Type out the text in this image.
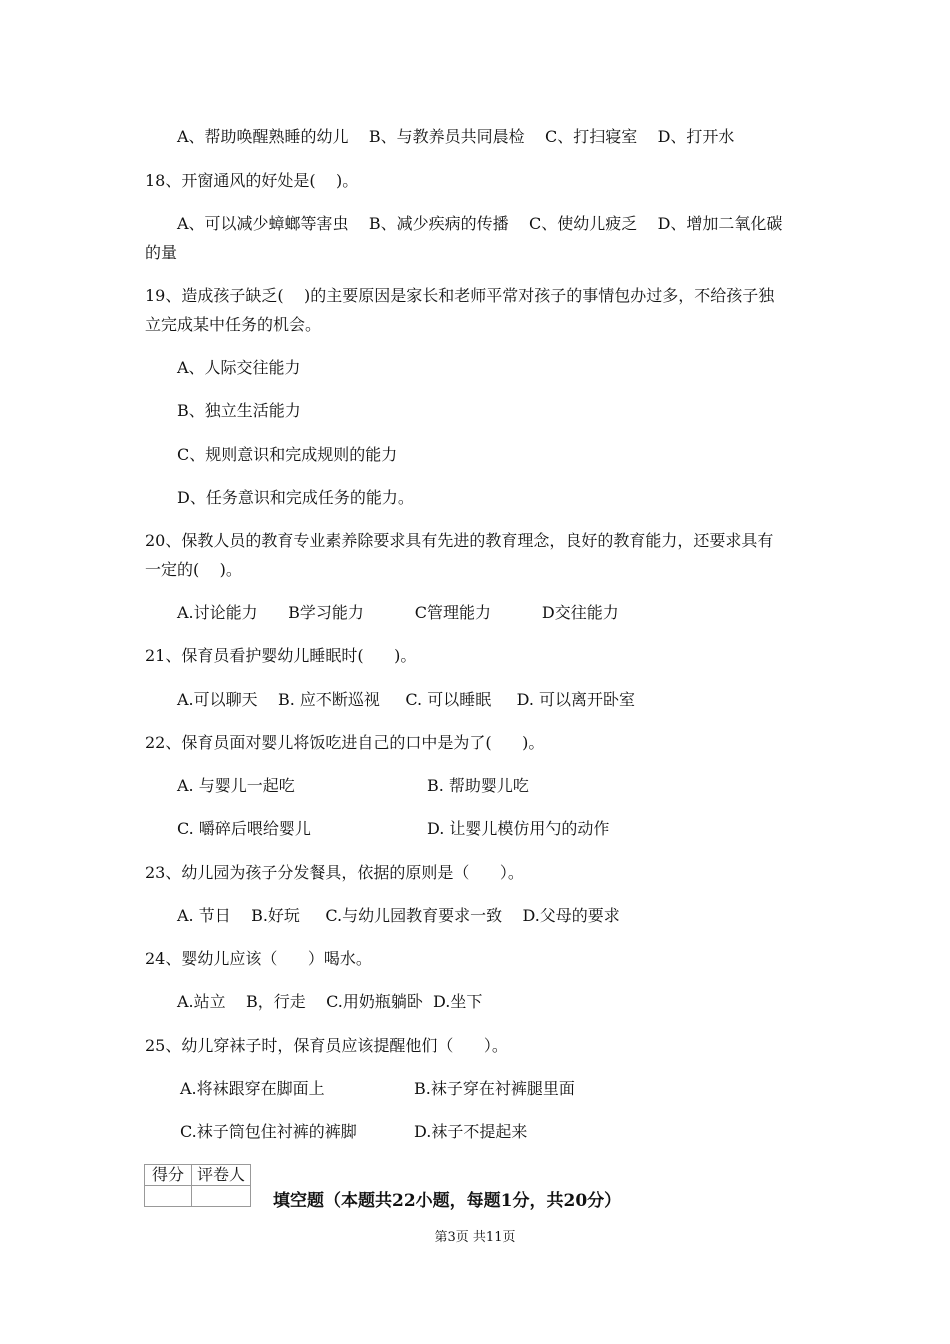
A、帮助唤醒熟睡的幼儿    B、与教养员共同晨检    C、打扫寝室    D、打开水
18、开窗通风的好处是(    )。
A、可以减少蟑螂等害虫    B、减少疾病的传播    C、使幼儿疲乏    D、增加二氧化碳
的量
19、造成孩子缺乏(    )的主要原因是家长和老师平常对孩子的事情包办过多，不给孩子独
立完成某中任务的机会。
A、人际交往能力
B、独立生活能力
C、规则意识和完成规则的能力
D、任务意识和完成任务的能力。
20、保教人员的教育专业素养除要求具有先进的教育理念，良好的教育能力，还要求具有
一定的(    )。
A.讨论能力      B学习能力          C管理能力          D交往能力
21、保育员看护婴幼儿睡眠时(      )。
A.可以聊天    B. 应不断巡视     C. 可以睡眠     D. 可以离开卧室
22、保育员面对婴儿将饭吃进自己的口中是为了(      )。
A. 与婴儿一起吃	B. 帮助婴儿吃
C. 嚼碎后喂给婴儿	D. 让婴儿模仿用勺的动作
23、幼儿园为孩子分发餐具，依据的原则是（      ）。
A. 节日    B.好玩     C.与幼儿园教育要求一致    D.父母的要求
24、婴幼儿应该（      ）喝水。
A.站立    B，行走    C.用奶瓶躺卧  D.坐下
25、幼儿穿袜子时，保育员应该提醒他们（      ）。
A.将袜跟穿在脚面上	B.袜子穿在衬裤腿里面
C.袜子筒包住衬裤的裤脚	D.袜子不提起来
得分	评卷人

填空题（本题共22小题，每题1分，共20分）
第3页 共11页
